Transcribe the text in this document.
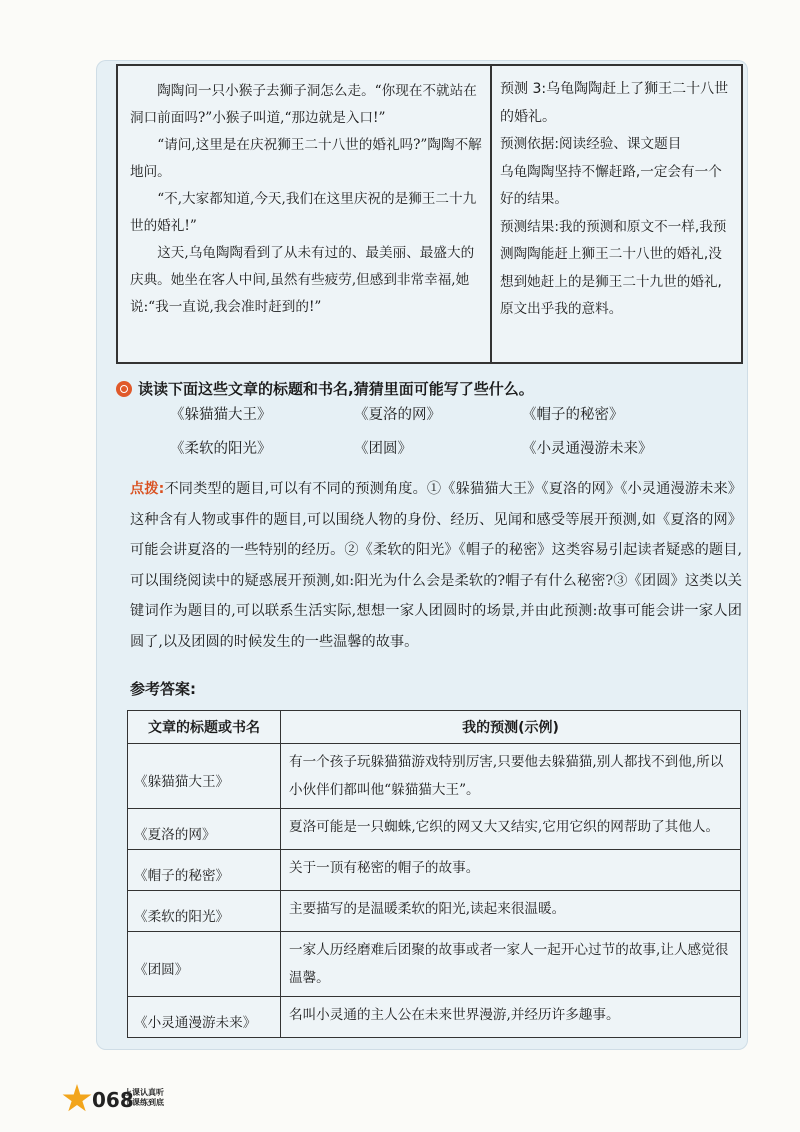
陶陶问一只小猴子去狮子洞怎么走。“你现在不就站在洞口前面吗?”小猴子叫道,“那边就是入口!”

“请问,这里是在庆祝狮王二十八世的婚礼吗?”陶陶不解地问。

“不,大家都知道,今天,我们在这里庆祝的是狮王二十九世的婚礼!”

这天,乌龟陶陶看到了从未有过的、最美丽、最盛大的庆典。她坐在客人中间,虽然有些疲劳,但感到非常幸福,她说:“我一直说,我会准时赶到的!”

预测 3:乌龟陶陶赶上了狮王二十八世的婚礼。

预测依据:阅读经验、课文题目

乌龟陶陶坚持不懈赶路,一定会有一个好的结果。

预测结果:我的预测和原文不一样,我预测陶陶能赶上狮王二十八世的婚礼,没想到她赶上的是狮王二十九世的婚礼,原文出乎我的意料。

读读下面这些文章的标题和书名,猜猜里面可能写了些什么。
《躲猫猫大王》	《夏洛的网》	《帽子的秘密》
《柔软的阳光》	《团圆》	《小灵通漫游未来》
点拨:不同类型的题目,可以有不同的预测角度。①《躲猫猫大王》《夏洛的网》《小灵通漫游未来》这种含有人物或事件的题目,可以围绕人物的身份、经历、见闻和感受等展开预测,如《夏洛的网》可能会讲夏洛的一些特别的经历。②《柔软的阳光》《帽子的秘密》这类容易引起读者疑惑的题目,可以围绕阅读中的疑惑展开预测,如:阳光为什么会是柔软的?帽子有什么秘密?③《团圆》这类以关键词作为题目的,可以联系生活实际,想想一家人团圆时的场景,并由此预测:故事可能会讲一家人团圆了,以及团圆的时候发生的一些温馨的故事。
参考答案:
文章的标题或书名	我的预测(示例)
《躲猫猫大王》	有一个孩子玩躲猫猫游戏特别厉害,只要他去躲猫猫,别人都找不到他,所以小伙伴们都叫他“躲猫猫大王”。
《夏洛的网》	夏洛可能是一只蜘蛛,它织的网又大又结实,它用它织的网帮助了其他人。
《帽子的秘密》	关于一顶有秘密的帽子的故事。
《柔软的阳光》	主要描写的是温暖柔软的阳光,读起来很温暖。
《团圆》	一家人历经磨难后团聚的故事或者一家人一起开心过节的故事,让人感觉很温馨。
《小灵通漫游未来》	名叫小灵通的主人公在未来世界漫游,并经历许多趣事。
068
上课认真听
下课练到底
